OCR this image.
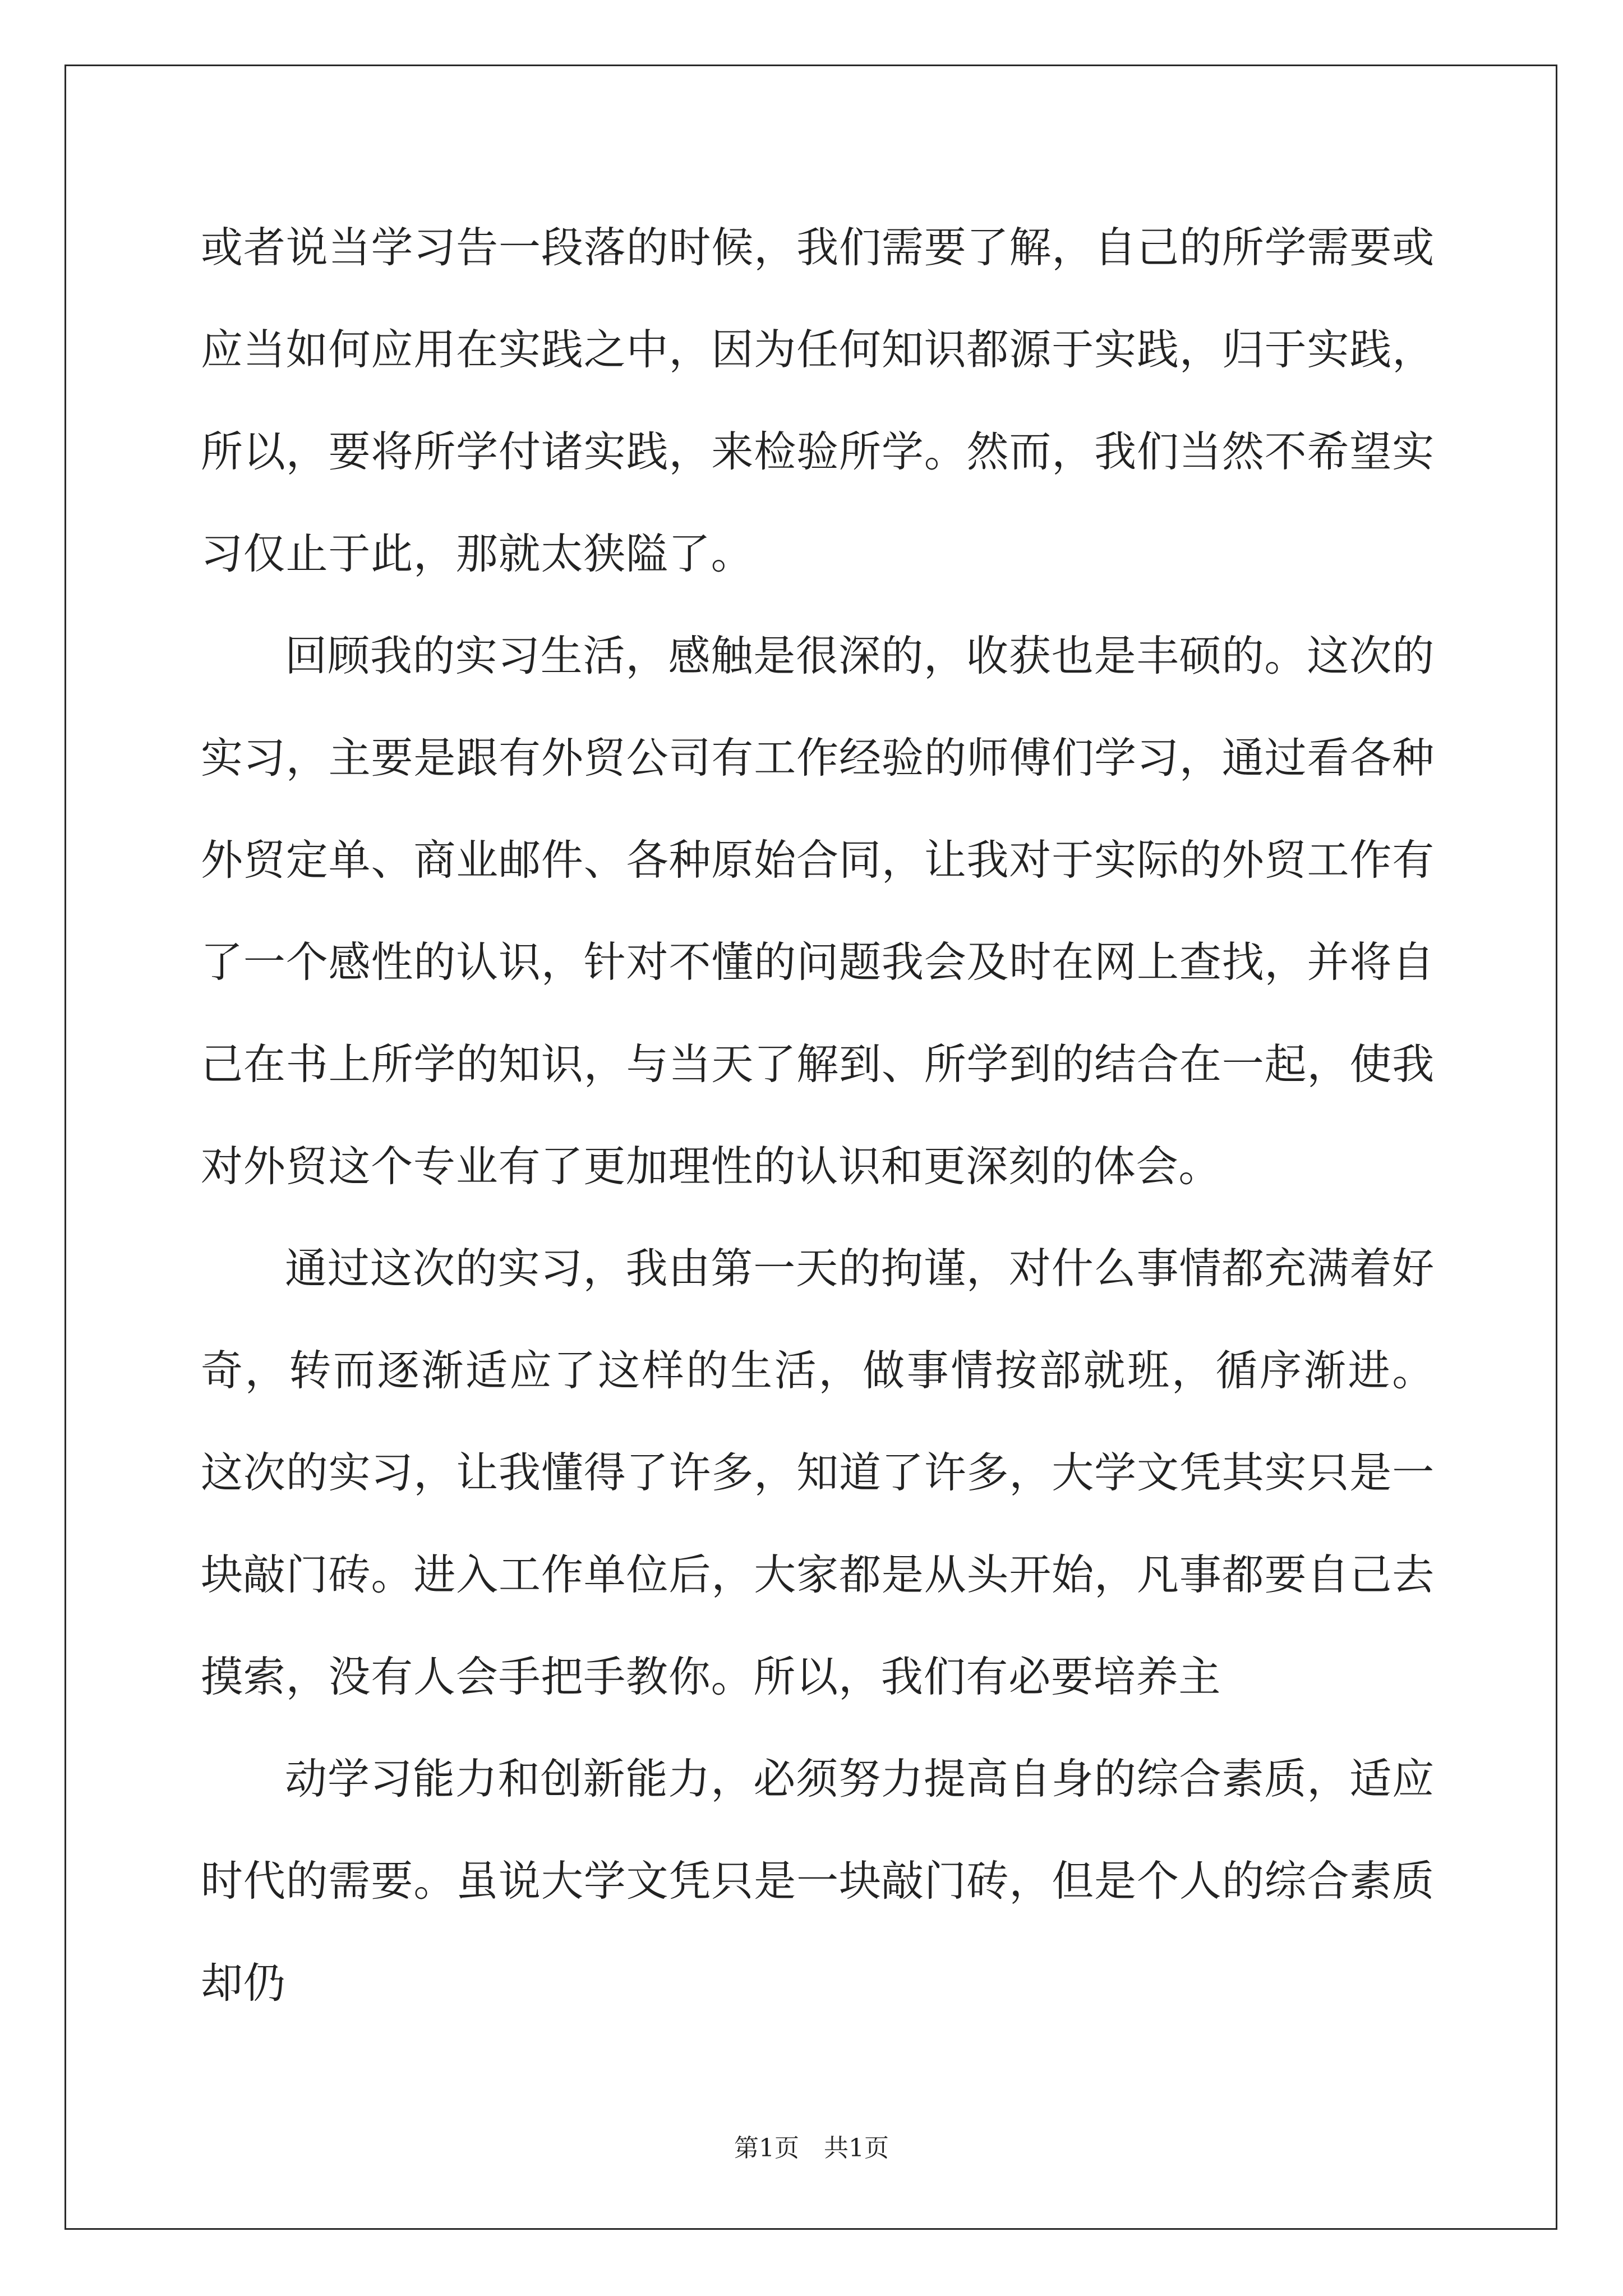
或者说当学习告一段落的时候，我们需要了解，自己的所学需要或应当如何应用在实践之中，因为任何知识都源于实践，归于实践，所以，要将所学付诸实践，来检验所学。然而，我们当然不希望实习仅止于此，那就太狭隘了。

回顾我的实习生活，感触是很深的，收获也是丰硕的。这次的实习，主要是跟有外贸公司有工作经验的师傅们学习，通过看各种外贸定单、商业邮件、各种原始合同，让我对于实际的外贸工作有了一个感性的认识，针对不懂的问题我会及时在网上查找，并将自己在书上所学的知识，与当天了解到、所学到的结合在一起，使我对外贸这个专业有了更加理性的认识和更深刻的体会。

通过这次的实习，我由第一天的拘谨，对什么事情都充满着好奇，转而逐渐适应了这样的生活，做事情按部就班，循序渐进。 这次的实习，让我懂得了许多，知道了许多，大学文凭其实只是一块敲门砖。进入工作单位后，大家都是从头开始，凡事都要自己去摸索，没有人会手把手教你。所以，我们有必要培养主

动学习能力和创新能力，必须努力提高自身的综合素质，适应时代的需要。虽说大学文凭只是一块敲门砖，但是个人的综合素质却仍

第1页　共1页
